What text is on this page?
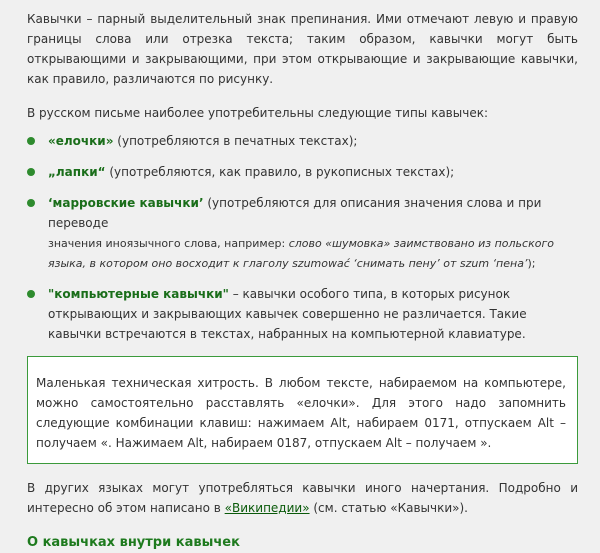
Кавычки – парный выделительный знак препинания. Ими отмечают левую и правую границы слова или отрезка текста; таким образом, кавычки могут быть открывающими и закрывающими, при этом открывающие и закрывающие кавычки, как правило, различаются по рисунку.

В русском письме наиболее употребительны следующие типы кавычек:

«елочки» (употребляются в печатных текстах);
„лапки“ (употребляются, как правило, в рукописных текстах);
‘марровские кавычки’ (употребляются для описания значения слова и при переводе
значения иноязычного слова, например: слово «шумовка» заимствовано из польского языка, в котором оно восходит к глаголу szumować ‘снимать пену’ от szum ‘пена’);
"компьютерные кавычки" – кавычки особого типа, в которых рисунок открывающих и закрывающих кавычек совершенно не различается. Такие кавычки встречаются в текстах, набранных на компьютерной клавиатуре.
Маленькая техническая хитрость. В любом тексте, набираемом на компьютере, можно самостоятельно расставлять «елочки». Для этого надо запомнить следующие комбинации клавиш: нажимаем Alt, набираем 0171, отпускаем Alt – получаем «. Нажимаем Alt, набираем 0187, отпускаем Alt – получаем ».

В других языках могут употребляться кавычки иного начертания. Подробно и интересно об этом написано в «Википедии» (см. статью «Кавычки»).

О кавычках внутри кавычек
